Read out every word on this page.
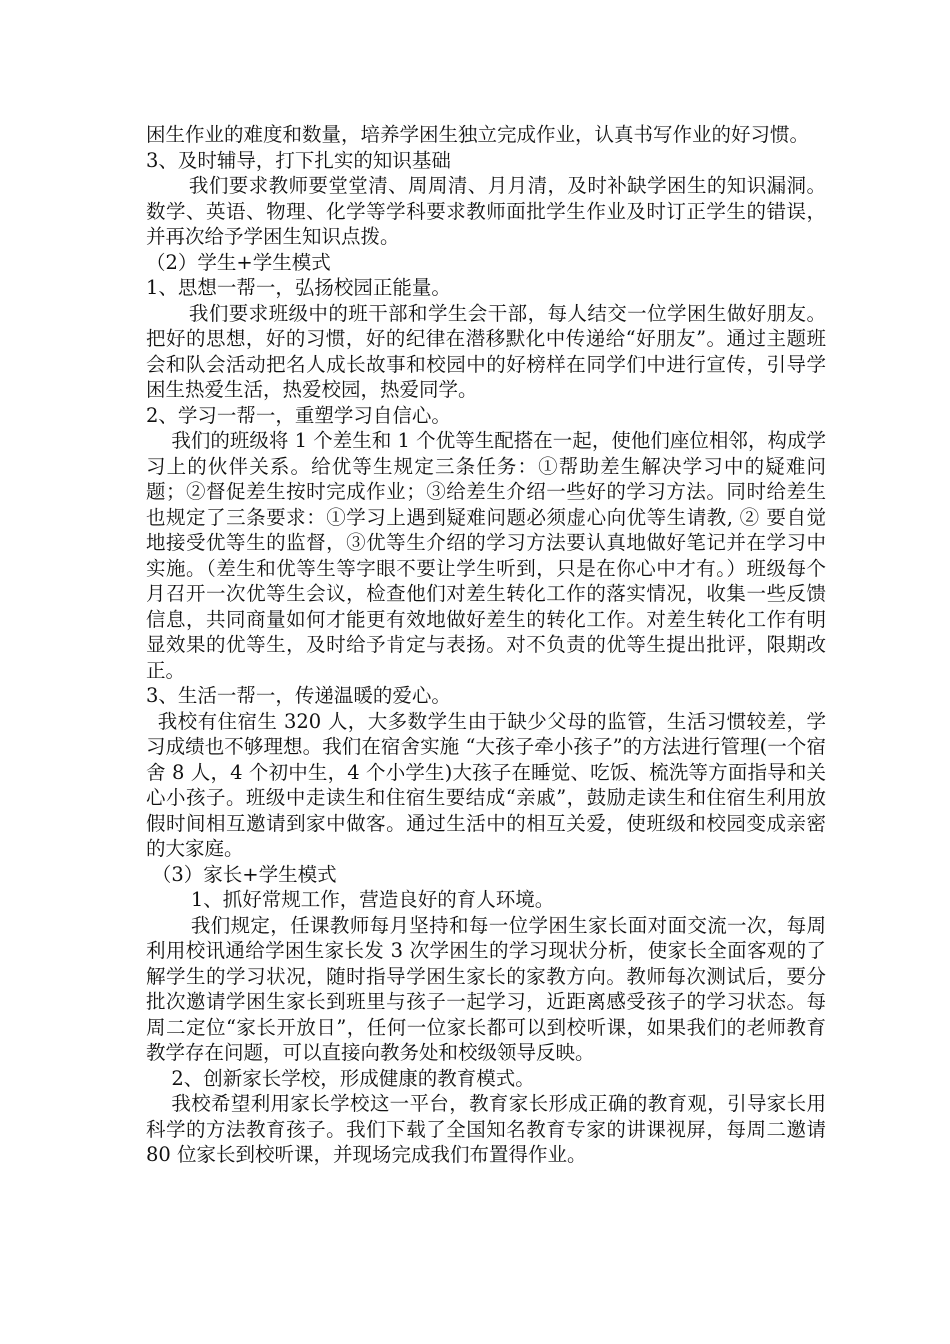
困生作业的难度和数量，培养学困生独立完成作业，认真书写作业的好习惯。

3、及时辅导，打下扎实的知识基础

我们要求教师要堂堂清、周周清、月月清，及时补缺学困生的知识漏洞。数学、英语、物理、化学等学科要求教师面批学生作业及时订正学生的错误，并再次给予学困生知识点拨。

（2）学生+学生模式

1、思想一帮一，弘扬校园正能量。

我们要求班级中的班干部和学生会干部，每人结交一位学困生做好朋友。把好的思想，好的习惯，好的纪律在潜移默化中传递给“好朋友”。通过主题班会和队会活动把名人成长故事和校园中的好榜样在同学们中进行宣传，引导学困生热爱生活，热爱校园，热爱同学。

2、学习一帮一，重塑学习自信心。

我们的班级将 1 个差生和 1 个优等生配搭在一起，使他们座位相邻，构成学习上的伙伴关系。给优等生规定三条任务：①帮助差生解决学习中的疑难问题；②督促差生按时完成作业；③给差生介绍一些好的学习方法。同时给差生也规定了三条要求：①学习上遇到疑难问题必须虚心向优等生请教, ② 要自觉地接受优等生的监督，③优等生介绍的学习方法要认真地做好笔记并在学习中实施。（差生和优等生等字眼不要让学生听到，只是在你心中才有。）班级每个月召开一次优等生会议，检查他们对差生转化工作的落实情况，收集一些反馈信息，共同商量如何才能更有效地做好差生的转化工作。对差生转化工作有明显效果的优等生，及时给予肯定与表扬。对不负责的优等生提出批评，限期改正。

3、生活一帮一，传递温暖的爱心。

我校有住宿生 320 人，大多数学生由于缺少父母的监管，生活习惯较差，学习成绩也不够理想。我们在宿舍实施 “大孩子牵小孩子”的方法进行管理(一个宿舍 8 人，4 个初中生，4 个小学生)大孩子在睡觉、吃饭、梳洗等方面指导和关心小孩子。班级中走读生和住宿生要结成“亲戚”，鼓励走读生和住宿生利用放假时间相互邀请到家中做客。通过生活中的相互关爱，使班级和校园变成亲密的大家庭。

（3）家长+学生模式

1、抓好常规工作，营造良好的育人环境。

我们规定，任课教师每月坚持和每一位学困生家长面对面交流一次，每周利用校讯通给学困生家长发 3 次学困生的学习现状分析，使家长全面客观的了解学生的学习状况，随时指导学困生家长的家教方向。教师每次测试后，要分批次邀请学困生家长到班里与孩子一起学习，近距离感受孩子的学习状态。每周二定位“家长开放日”，任何一位家长都可以到校听课，如果我们的老师教育教学存在问题，可以直接向教务处和校级领导反映。

2、创新家长学校，形成健康的教育模式。

我校希望利用家长学校这一平台，教育家长形成正确的教育观，引导家长用科学的方法教育孩子。我们下载了全国知名教育专家的讲课视屏，每周二邀请 80 位家长到校听课，并现场完成我们布置得作业。
